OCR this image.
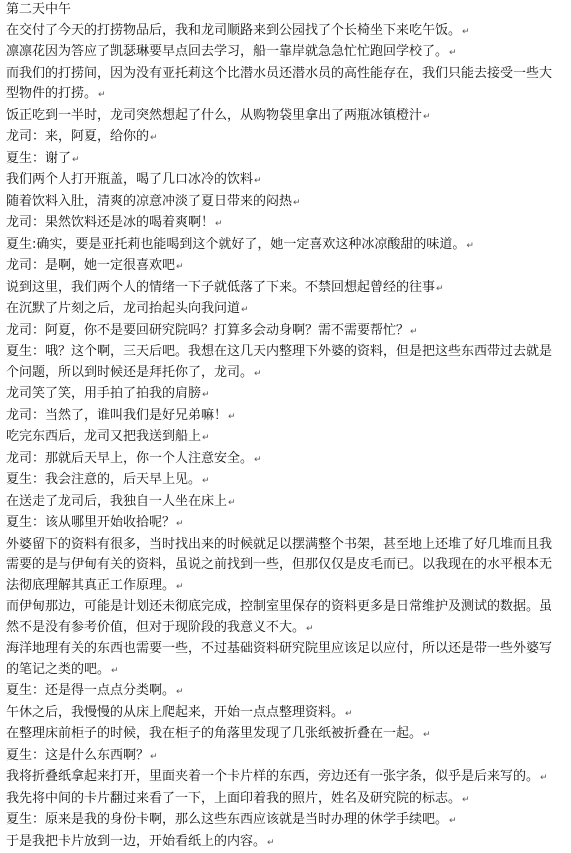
第二天中午

在交付了今天的打捞物品后，我和龙司顺路来到公园找了个长椅坐下来吃午饭。↵

凛凛花因为答应了凯瑟琳要早点回去学习，船一靠岸就急急忙忙跑回学校了。↵

而我们的打捞间，因为没有亚托莉这个比潜水员还潜水员的高性能存在，我们只能去接受一些大型物件的打捞。↵

饭正吃到一半时，龙司突然想起了什么，从购物袋里拿出了两瓶冰镇橙汁↵

龙司：来，阿夏，给你的↵

夏生：谢了↵

我们两个人打开瓶盖，喝了几口冰冷的饮料↵

随着饮料入肚，清爽的凉意冲淡了夏日带来的闷热↵

龙司：果然饮料还是冰的喝着爽啊！↵

夏生:确实，要是亚托莉也能喝到这个就好了，她一定喜欢这种冰凉酸甜的味道。↵

龙司：是啊，她一定很喜欢吧↵

说到这里，我们两个人的情绪一下子就低落了下来。不禁回想起曾经的往事↵

在沉默了片刻之后，龙司抬起头向我问道↵

龙司：阿夏，你不是要回研究院吗？打算多会动身啊？需不需要帮忙？↵

夏生：哦？这个啊，三天后吧。我想在这几天内整理下外婆的资料，但是把这些东西带过去就是个问题，所以到时候还是拜托你了，龙司。↵

龙司笑了笑，用手拍了拍我的肩膀↵

龙司：当然了，谁叫我们是好兄弟嘛！↵

吃完东西后，龙司又把我送到船上↵

龙司：那就后天早上，你一个人注意安全。↵

夏生：我会注意的，后天早上见。↵

在送走了龙司后，我独自一人坐在床上↵

夏生：该从哪里开始收拾呢？↵

外婆留下的资料有很多，当时找出来的时候就足以摆满整个书架，甚至地上还堆了好几堆而且我需要的是与伊甸有关的资料，虽说之前找到一些，但那仅仅是皮毛而已。以我现在的水平根本无法彻底理解其真正工作原理。↵

而伊甸那边，可能是计划还未彻底完成，控制室里保存的资料更多是日常维护及测试的数据。虽然不是没有参考价值，但对于现阶段的我意义不大。↵

海洋地理有关的东西也需要一些，不过基础资料研究院里应该足以应付，所以还是带一些外婆写的笔记之类的吧。↵

夏生：还是得一点点分类啊。↵

午休之后，我慢慢的从床上爬起来，开始一点点整理资料。↵

在整理床前柜子的时候，我在柜子的角落里发现了几张纸被折叠在一起。↵

夏生：这是什么东西啊？↵

我将折叠纸拿起来打开，里面夹着一个卡片样的东西，旁边还有一张字条，似乎是后来写的。↵

我先将中间的卡片翻过来看了一下，上面印着我的照片，姓名及研究院的标志。↵

夏生：原来是我的身份卡啊，那么这些东西应该就是当时办理的休学手续吧。↵

于是我把卡片放到一边，开始看纸上的内容。↵
